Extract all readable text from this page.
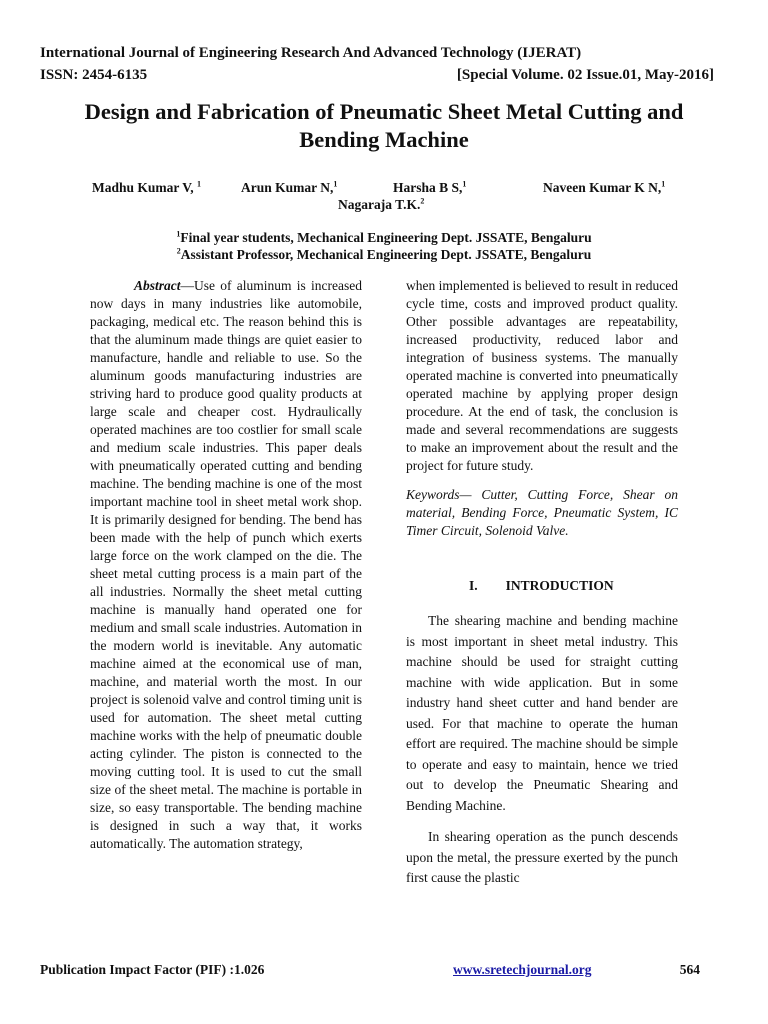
International Journal of Engineering Research And Advanced Technology (IJERAT)
ISSN: 2454-6135	[Special Volume. 02 Issue.01, May-2016]
Design and Fabrication of Pneumatic Sheet Metal Cutting and Bending Machine
Madhu Kumar V, $^1$	Arun Kumar N,$^1$	Harsha B S,$^1$	Naveen Kumar K N,$^1$
Nagaraja T.K.$^2$
$^1$Final year students, Mechanical Engineering Dept. JSSATE, Bengaluru
$^2$Assistant Professor, Mechanical Engineering Dept. JSSATE, Bengaluru

Abstract—Use of aluminum is increased now days in many industries like automobile, packaging, medical etc. The reason behind this is that the aluminum made things are quiet easier to manufacture, handle and reliable to use. So the aluminum goods manufacturing industries are striving hard to produce good quality products at large scale and cheaper cost. Hydraulically operated machines are too costlier for small scale and medium scale industries. This paper deals with pneumatically operated cutting and bending machine. The bending machine is one of the most important machine tool in sheet metal work shop. It is primarily designed for bending. The bend has been made with the help of punch which exerts large force on the work clamped on the die. The sheet metal cutting process is a main part of the all industries. Normally the sheet metal cutting machine is manually hand operated one for medium and small scale industries. Automation in the modern world is inevitable. Any automatic machine aimed at the economical use of man, machine, and material worth the most. In our project is solenoid valve and control timing unit is used for automation. The sheet metal cutting machine works with the help of pneumatic double acting cylinder. The piston is connected to the moving cutting tool. It is used to cut the small size of the sheet metal. The machine is portable in size, so easy transportable. The bending machine is designed in such a way that, it works automatically. The automation strategy,

when implemented is believed to result in reduced cycle time, costs and improved product quality. Other possible advantages are repeatability, increased productivity, reduced labor and integration of business systems. The manually operated machine is converted into pneumatically operated machine by applying proper design procedure. At the end of task, the conclusion is made and several recommendations are suggests to make an improvement about the result and the project for future study.

Keywords— Cutter, Cutting Force, Shear on material, Bending Force, Pneumatic System, IC Timer Circuit, Solenoid Valve.

I. INTRODUCTION

The shearing machine and bending machine is most important in sheet metal industry. This machine should be used for straight cutting machine with wide application. But in some industry hand sheet cutter and hand bender are used. For that machine to operate the human effort are required. The machine should be simple to operate and easy to maintain, hence we tried out to develop the Pneumatic Shearing and Bending Machine.

In shearing operation as the punch descends upon the metal, the pressure exerted by the punch first cause the plastic

Publication Impact Factor (PIF) :1.026	www.sretechjournal.org	564
